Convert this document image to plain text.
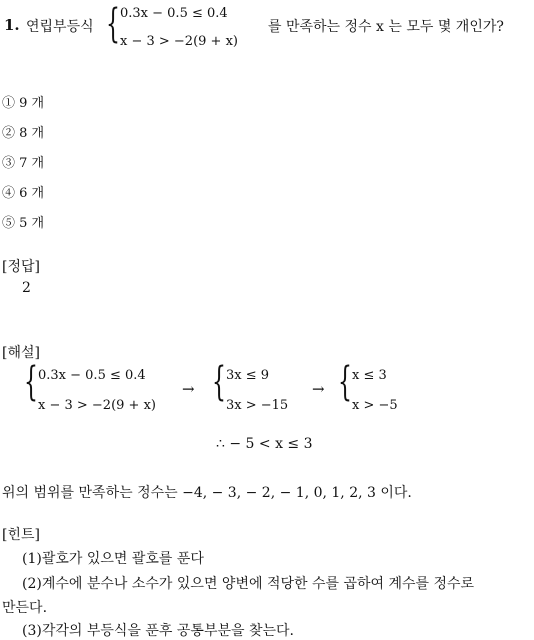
1. 연립부등식 { 0.3x − 0.5 ≤ 0.4
x − 3 > −2(9 + x)
를 만족하는 정수 x 는 모두 몇 개인가?
① 9 개
② 8 개
③ 7 개
④ 6 개
⑤ 5 개
[정답]
2
[해설]
{ 0.3x − 0.5 ≤ 0.4
x − 3 > −2(9 + x)
→ { 3x ≤ 9
3x > −15
→ { x ≤ 3
x > −5
∴ − 5 < x ≤ 3
위의 범위를 만족하는 정수는 −4, − 3, − 2, − 1, 0, 1, 2, 3 이다.
[힌트]
(1)괄호가 있으면 괄호를 푼다
(2)계수에 분수나 소수가 있으면 양변에 적당한 수를 곱하여 계수를 정수로
만든다.
(3)각각의 부등식을 푼후 공통부분을 찾는다.
